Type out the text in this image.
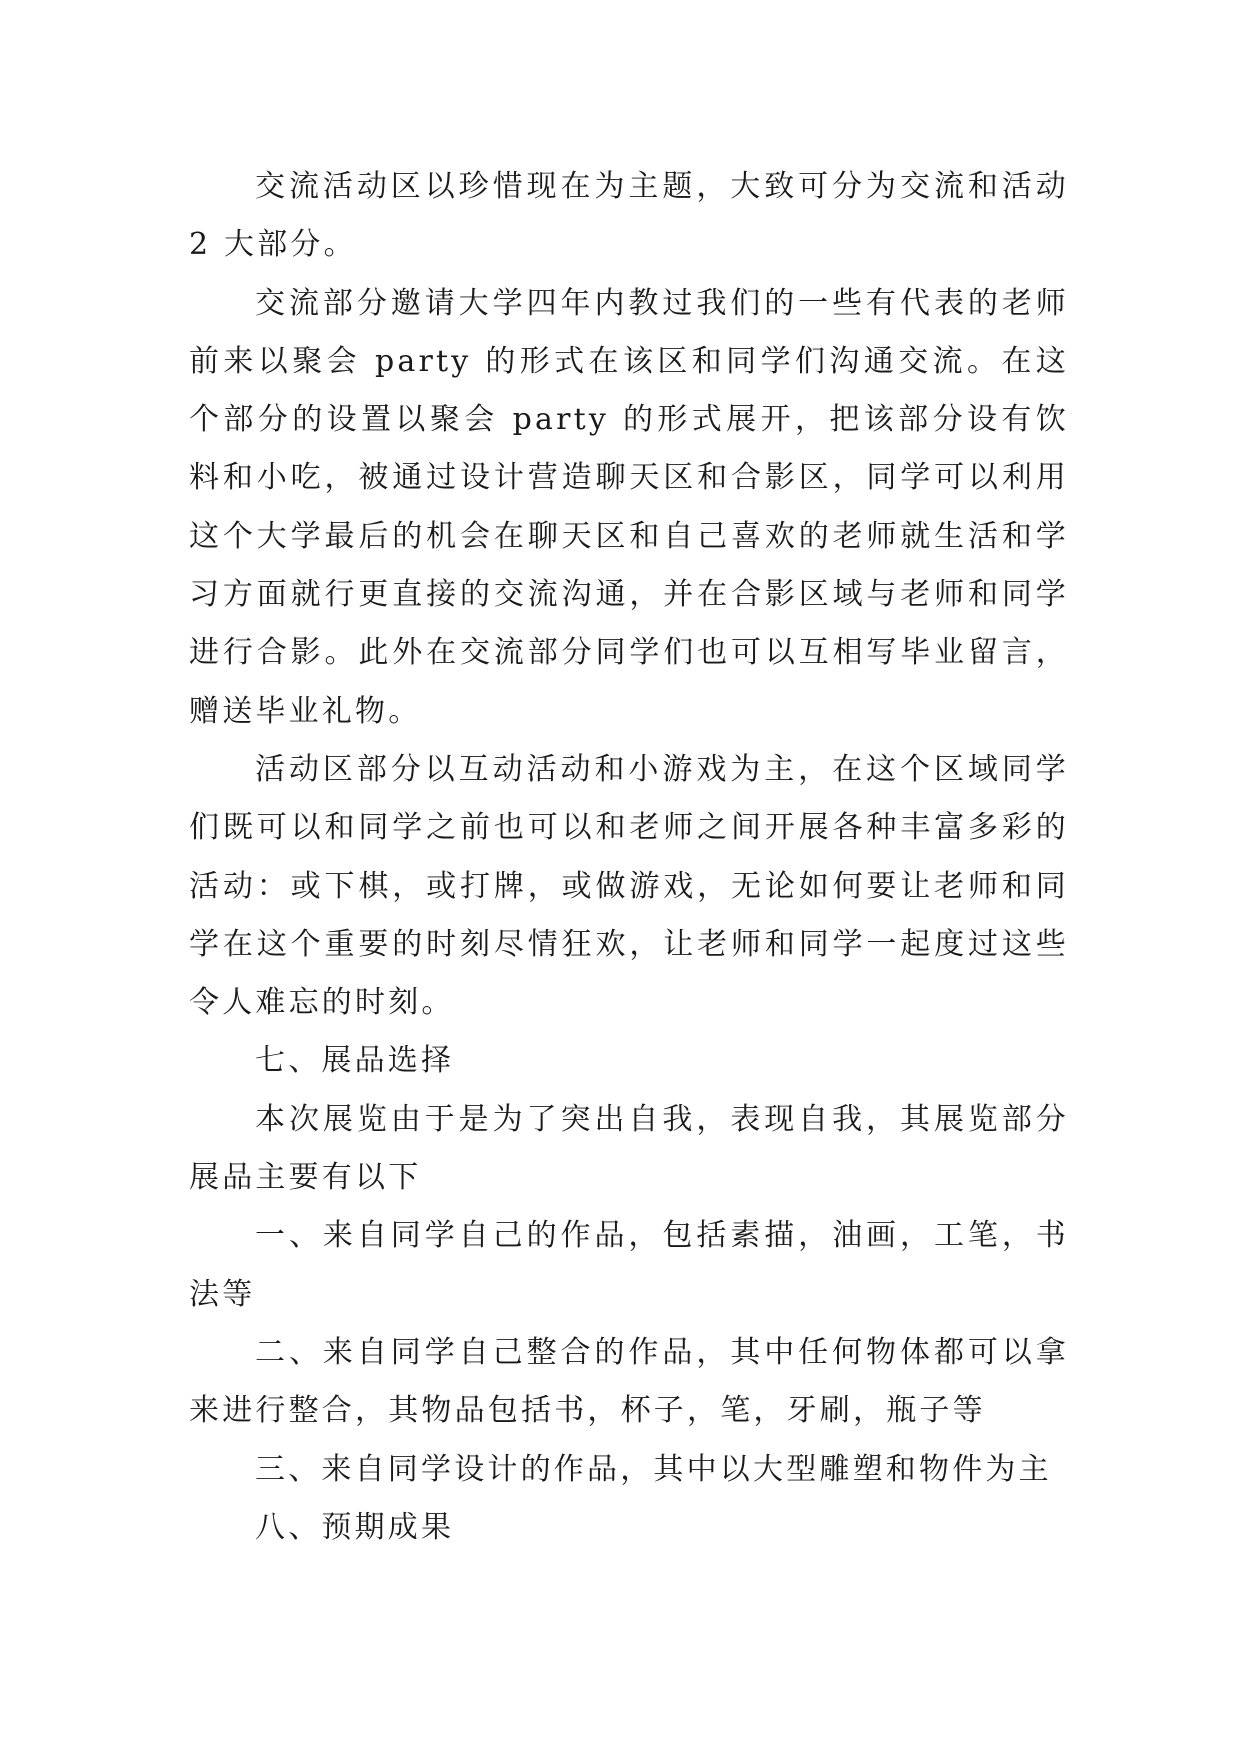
交流活动区以珍惜现在为主题，大致可分为交流和活动 2 大部分。

交流部分邀请大学四年内教过我们的一些有代表的老师前来以聚会 party 的形式在该区和同学们沟通交流。在这个部分的设置以聚会 party 的形式展开，把该部分设有饮料和小吃，被通过设计营造聊天区和合影区，同学可以利用这个大学最后的机会在聊天区和自己喜欢的老师就生活和学习方面就行更直接的交流沟通，并在合影区域与老师和同学进行合影。此外在交流部分同学们也可以互相写毕业留言，赠送毕业礼物。

活动区部分以互动活动和小游戏为主，在这个区域同学们既可以和同学之前也可以和老师之间开展各种丰富多彩的活动：或下棋，或打牌，或做游戏，无论如何要让老师和同学在这个重要的时刻尽情狂欢，让老师和同学一起度过这些令人难忘的时刻。

七、展品选择

本次展览由于是为了突出自我，表现自我，其展览部分展品主要有以下

一、来自同学自己的作品，包括素描，油画，工笔，书法等

二、来自同学自己整合的作品，其中任何物体都可以拿来进行整合，其物品包括书，杯子，笔，牙刷，瓶子等

三、来自同学设计的作品，其中以大型雕塑和物件为主

八、预期成果
